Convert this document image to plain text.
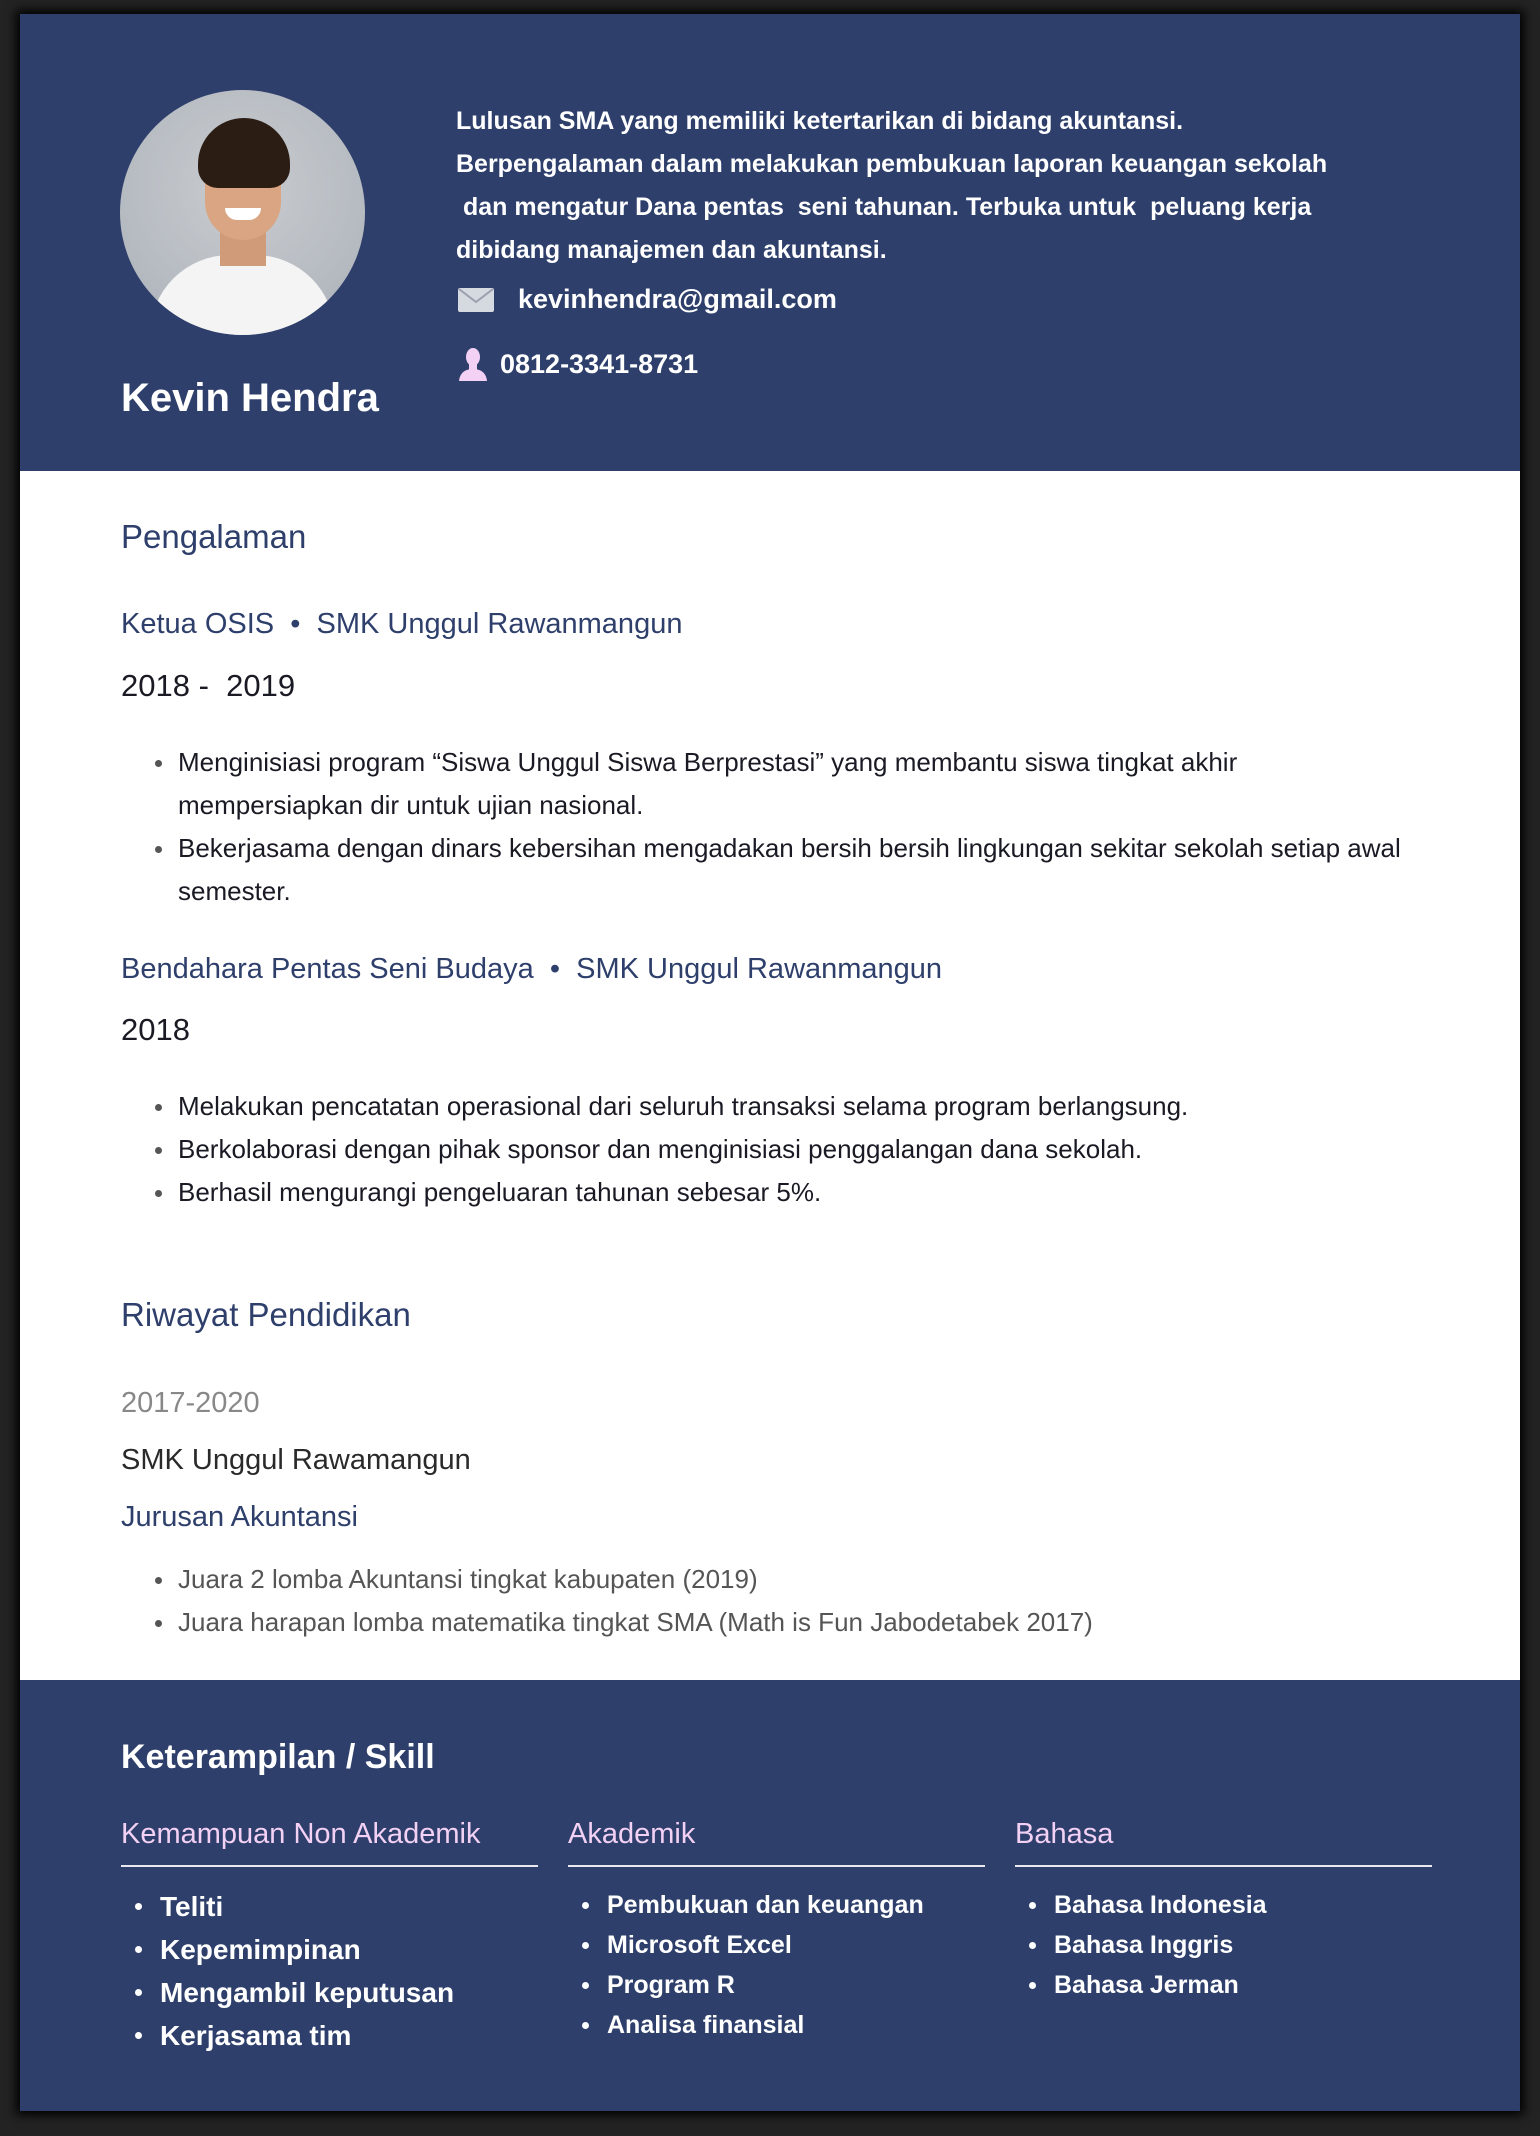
Kevin Hendra
Lulusan SMA yang memiliki ketertarikan di bidang akuntansi.
Berpengalaman dalam melakukan pembukuan laporan keuangan sekolah
dan mengatur Dana pentas  seni tahunan. Terbuka untuk  peluang kerja
dibidang manajemen dan akuntansi.
kevinhendra@gmail.com
0812-3341-8731
Pengalaman
Ketua OSIS  •  SMK Unggul Rawanmangun
2018 -  2019
Menginisiasi program “Siswa Unggul Siswa Berprestasi” yang membantu siswa tingkat akhir mempersiapkan dir untuk ujian nasional.
Bekerjasama dengan dinars kebersihan mengadakan bersih bersih lingkungan sekitar sekolah setiap awal semester.
Bendahara Pentas Seni Budaya  •  SMK Unggul Rawanmangun
2018
Melakukan pencatatan operasional dari seluruh transaksi selama program berlangsung.
Berkolaborasi dengan pihak sponsor dan menginisiasi penggalangan dana sekolah.
Berhasil mengurangi pengeluaran tahunan sebesar 5%.
Riwayat Pendidikan
2017-2020
SMK Unggul Rawamangun
Jurusan Akuntansi
Juara 2 lomba Akuntansi tingkat kabupaten (2019)
Juara harapan lomba matematika tingkat SMA (Math is Fun Jabodetabek 2017)
Keterampilan / Skill
Kemampuan Non Akademik
Teliti
Kepemimpinan
Mengambil keputusan
Kerjasama tim
Akademik
Pembukuan dan keuangan
Microsoft Excel
Program R
Analisa finansial
Bahasa
Bahasa Indonesia
Bahasa Inggris
Bahasa Jerman
